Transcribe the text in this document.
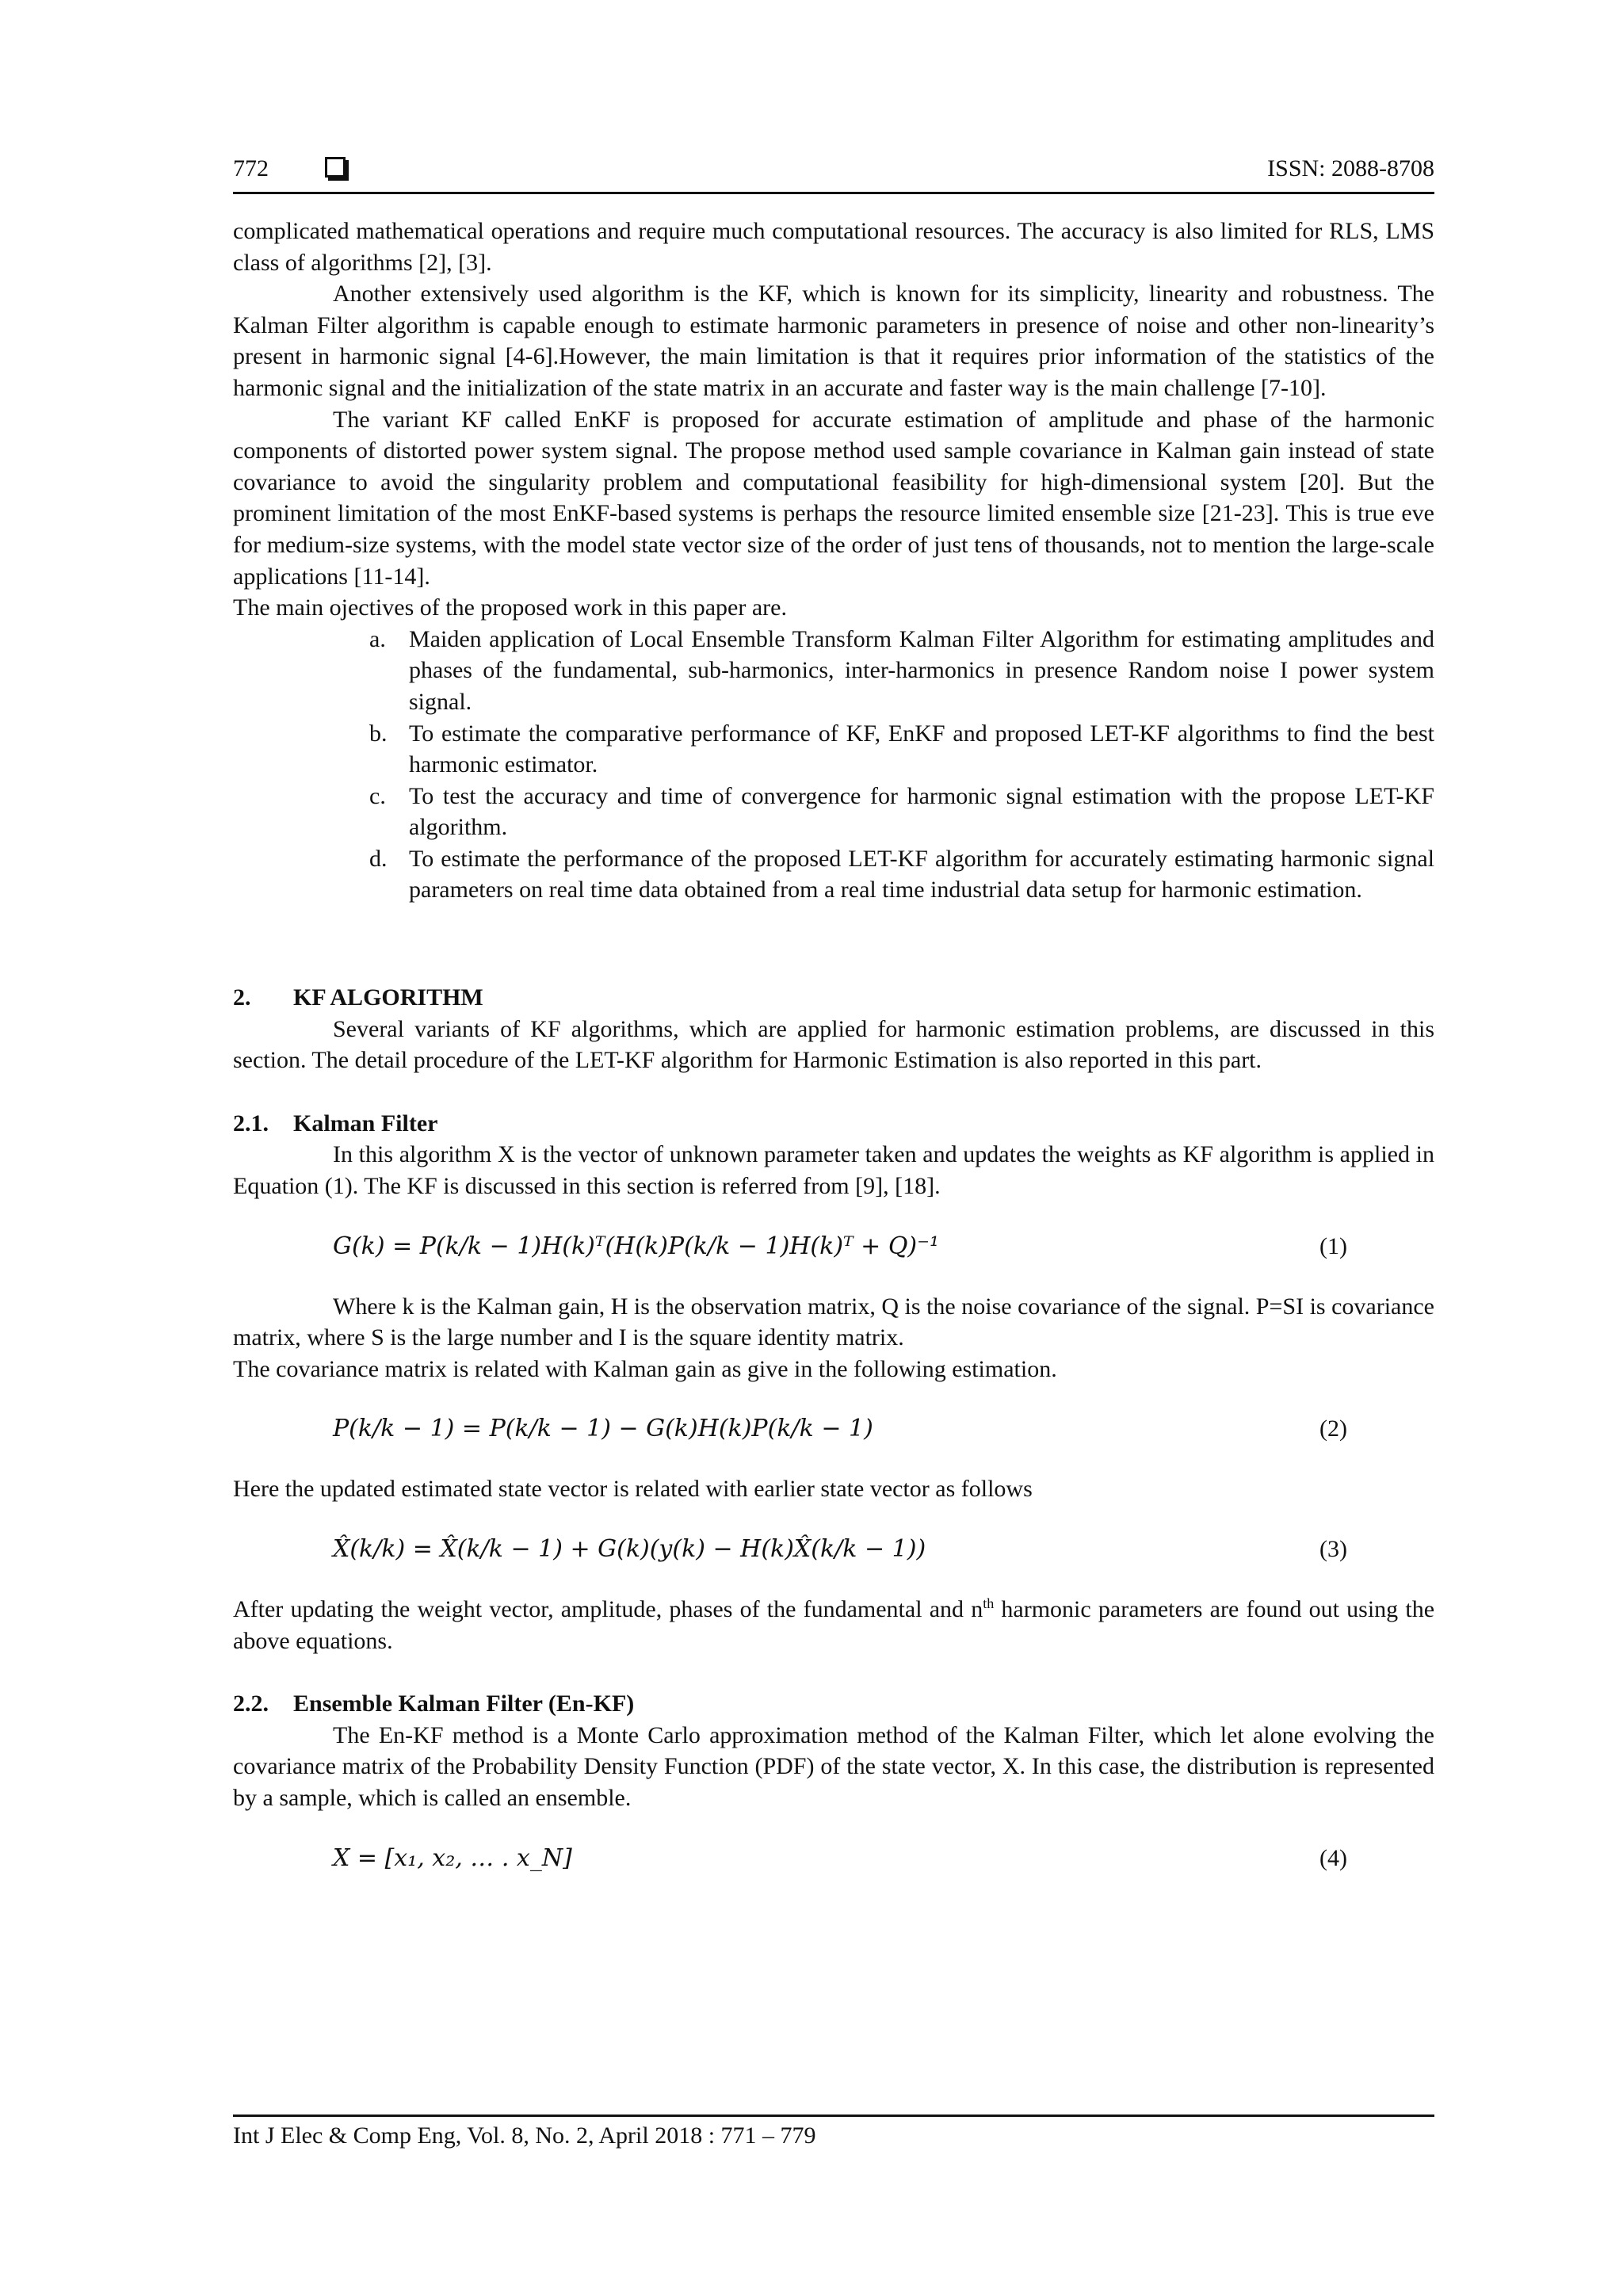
772	ISSN: 2088-8708

complicated mathematical operations and require much computational resources. The accuracy is also limited for RLS, LMS class of algorithms [2], [3].

Another extensively used algorithm is the KF, which is known for its simplicity, linearity and robustness. The Kalman Filter algorithm is capable enough to estimate harmonic parameters in presence of noise and other non-linearity’s present in harmonic signal [4-6].However, the main limitation is that it requires prior information of the statistics of the harmonic signal and the initialization of the state matrix in an accurate and faster way is the main challenge [7-10].

The variant KF called EnKF is proposed for accurate estimation of amplitude and phase of the harmonic components of distorted power system signal. The propose method used sample covariance in Kalman gain instead of state covariance to avoid the singularity problem and computational feasibility for high-dimensional system [20]. But the prominent limitation of the most EnKF-based systems is perhaps the resource limited ensemble size [21-23]. This is true eve for medium-size systems, with the model state vector size of the order of just tens of thousands, not to mention the large-scale applications [11-14].

The main ojectives of the proposed work in this paper are.

a. Maiden application of Local Ensemble Transform Kalman Filter Algorithm for estimating amplitudes and phases of the fundamental, sub-harmonics, inter-harmonics in presence Random noise I power system signal.
b. To estimate the comparative performance of KF, EnKF and proposed LET-KF algorithms to find the best harmonic estimator.
c. To test the accuracy and time of convergence for harmonic signal estimation with the propose LET-KF algorithm.
d. To estimate the performance of the proposed LET-KF algorithm for accurately estimating harmonic signal parameters on real time data obtained from a real time industrial data setup for harmonic estimation.

2. KF ALGORITHM

Several variants of KF algorithms, which are applied for harmonic estimation problems, are discussed in this section. The detail procedure of the LET-KF algorithm for Harmonic Estimation is also reported in this part.

2.1. Kalman Filter

In this algorithm X is the vector of unknown parameter taken and updates the weights as KF algorithm is applied in Equation (1). The KF is discussed in this section is referred from [9], [18].

G(k) = P(k/k − 1)H(k)ᵀ(H(k)P(k/k − 1)H(k)ᵀ + Q)⁻¹	(1)

Where k is the Kalman gain, H is the observation matrix, Q is the noise covariance of the signal. P=SI is covariance matrix, where S is the large number and I is the square identity matrix.

The covariance matrix is related with Kalman gain as give in the following estimation.

P(k/k − 1) = P(k/k − 1) − G(k)H(k)P(k/k − 1)	(2)

Here the updated estimated state vector is related with earlier state vector as follows

X̂(k/k) = X̂(k/k − 1) + G(k)(y(k) − H(k)X̂(k/k − 1))	(3)

After updating the weight vector, amplitude, phases of the fundamental and $n^{th}$ harmonic parameters are found out using the above equations.

2.2. Ensemble Kalman Filter (En-KF)

The En-KF method is a Monte Carlo approximation method of the Kalman Filter, which let alone evolving the covariance matrix of the Probability Density Function (PDF) of the state vector, X. In this case, the distribution is represented by a sample, which is called an ensemble.

X = [x₁, x₂, … . x_N]	(4)
Int J Elec & Comp Eng, Vol. 8, No. 2, April 2018 : 771 – 779
